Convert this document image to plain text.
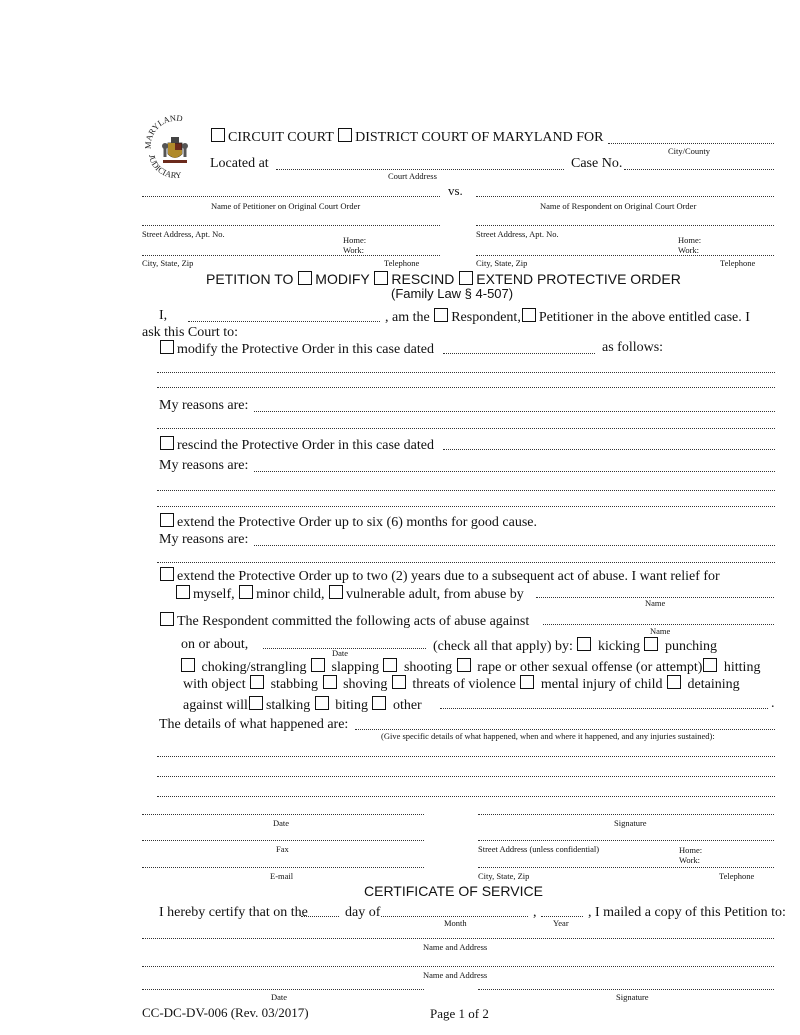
MARYLAND
JUDICIARY
CIRCUIT COURT DISTRICT COURT OF MARYLAND FOR
City/County
Located at
Court Address
Case No.
vs.
Name of Petitioner on Original Court Order	Name of Respondent on Original Court Order
Street Address, Apt. No.	Street Address, Apt. No.
Home:
Work:
Home:
Work:
City, State, Zip	Telephone	City, State, Zip	Telephone
PETITION TO MODIFY RESCIND EXTEND PROTECTIVE ORDER
(Family Law § 4-507)
I,	, am the Respondent, Petitioner in the above entitled case. I
ask this Court to:
modify the Protective Order in this case dated	as follows:
My reasons are:
rescind the Protective Order in this case dated
My reasons are:
extend the Protective Order up to six (6) months for good cause.
My reasons are:
extend the Protective Order up to two (2) years due to a subsequent act of abuse. I want relief for
myself, minor child, vulnerable adult, from abuse by
Name
The Respondent committed the following acts of abuse against
Name
on or about,
Date	(check all that apply) by: kicking punching
choking/strangling slapping shooting rape or other sexual offense (or attempt) hitting
with object stabbing shoving threats of violence mental injury of child detaining
against will stalking biting other	.
The details of what happened are:
(Give specific details of what happened, when and where it happened, and any injuries sustained):
Date	Signature
Fax	Street Address (unless confidential)	Home:
Work:
E-mail	City, State, Zip	Telephone
CERTIFICATE OF SERVICE
I hereby certify that on the	day of
Month
,
Year
, I mailed a copy of this Petition to:
Name and Address
Name and Address
Date	Signature
CC-DC-DV-006 (Rev. 03/2017)	Page 1 of 2
